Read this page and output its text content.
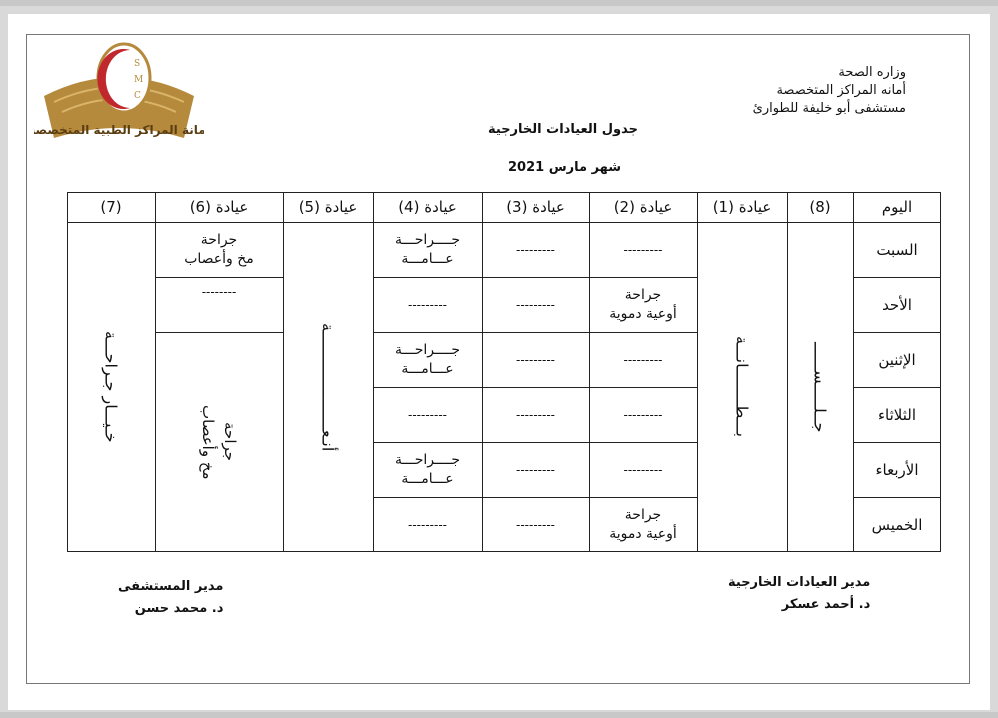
S
M
C
امانة المراكز الطبية المتخصصة
وزاره الصحة
أمانه المراكز المتخصصة
مستشفى أبو خليفة للطوارئ
جدول العيادات الخارجية
شهر مارس 2021
اليوم
(8)
عيادة (1)
عيادة (2)
عيادة (3)
عيادة (4)
عيادة (5)
عيادة (6)
(7)
السبت
الأحد
الإثنين
الثلاثاء
الأربعاء
الخميس
جــلـــــســــــ
بـــطــــــــانـــة
---------
جراحة
أوعية دموية
---------
---------
---------
جراحة
أوعية دموية
---------
---------
---------
---------
---------
---------
جــــراحـــة
عـــامـــة
---------
جــــراحـــة
عـــامـــة
---------
جــــراحـــة
عـــامـــة
---------
أنـعـــــــــــــــــــــة
جراحة
مخ وأعصاب
--------
جراحة
مخ وأعصاب
خـيـــار جـراحـــة
مدير المستشفى
د. محمد حسن
مدير العيادات الخارجية
د. أحمد عسكر
